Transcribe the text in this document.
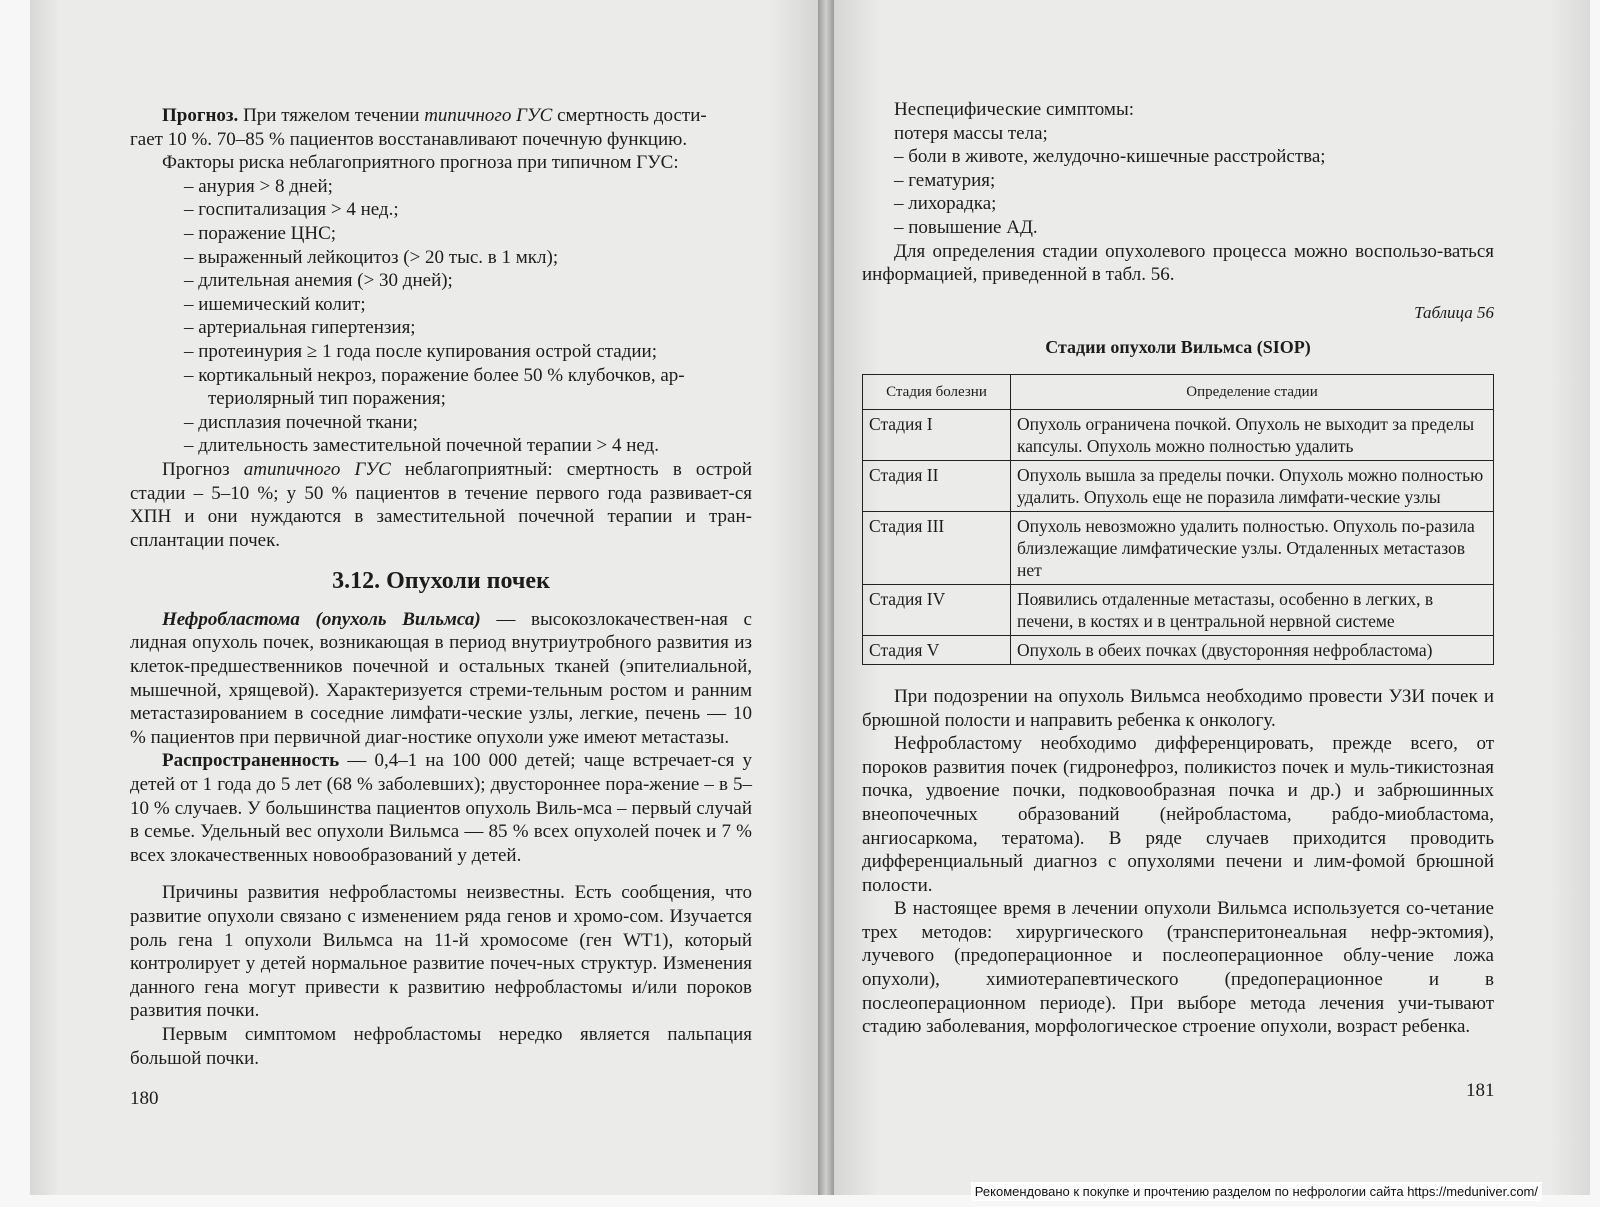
Прогноз. При тяжелом течении типичного ГУС смертность дости-
гает 10 %. 70–85 % пациентов восстанавливают почечную функцию.

Факторы риска неблагоприятного прогноза при типичном ГУС:

– анурия > 8 дней;

– госпитализация > 4 нед.;

– поражение ЦНС;

– выраженный лейкоцитоз (> 20 тыс. в 1 мкл);

– длительная анемия (> 30 дней);

– ишемический колит;

– артериальная гипертензия;

– протеинурия ≥ 1 года после купирования острой стадии;

– кортикальный некроз, поражение более 50 % клубочков, ар-

териолярный тип поражения;

– дисплазия почечной ткани;

– длительность заместительной почечной терапии > 4 нед.

Прогноз атипичного ГУС неблагоприятный: смертность в острой стадии – 5–10 %; у 50 % пациентов в течение первого года развивает-ся ХПН и они нуждаются в заместительной почечной терапии и тран-сплантации почек.

3.12. Опухоли почек

Нефробластома (опухоль Вильмса) — высокозлокачествен-ная с лидная опухоль почек, возникающая в период внутриутробного развития из клеток-предшественников почечной и остальных тканей (эпителиальной, мышечной, хрящевой). Характеризуется стреми-тельным ростом и ранним метастазированием в соседние лимфати-ческие узлы, легкие, печень — 10 % пациентов при первичной диаг-ностике опухоли уже имеют метастазы.

Распространенность — 0,4–1 на 100 000 детей; чаще встречает-ся у детей от 1 года до 5 лет (68 % заболевших); двустороннее пора-жение – в 5–10 % случаев. У большинства пациентов опухоль Виль-мса – первый случай в семье. Удельный вес опухоли Вильмса — 85 % всех опухолей почек и 7 % всех злокачественных новообразований у детей.

Причины развития нефробластомы неизвестны. Есть сообщения, что развитие опухоли связано с изменением ряда генов и хромо-сом. Изучается роль гена 1 опухоли Вильмса на 11-й хромосоме (ген WT1), который контролирует у детей нормальное развитие почеч-ных структур. Изменения данного гена могут привести к развитию нефробластомы и/или пороков развития почки.

Первым симптомом нефробластомы нередко является пальпация большой почки.

180

Неспецифические симптомы:

потеря массы тела;

– боли в животе, желудочно-кишечные расстройства;

– гематурия;

– лихорадка;

– повышение АД.

Для определения стадии опухолевого процесса можно воспользо-ваться информацией, приведенной в табл. 56.

Таблица 56
Стадии опухоли Вильмса (SIOP)
Стадия болезни	Определение стадии
Стадия I	Опухоль ограничена почкой. Опухоль не выходит за пределы капсулы. Опухоль можно полностью удалить
Стадия II	Опухоль вышла за пределы почки. Опухоль можно полностью удалить. Опухоль еще не поразила лимфати-ческие узлы
Стадия III	Опухоль невозможно удалить полностью. Опухоль по-разила близлежащие лимфатические узлы. Отдаленных метастазов нет
Стадия IV	Появились отдаленные метастазы, особенно в легких, в печени, в костях и в центральной нервной системе
Стадия V	Опухоль в обеих почках (двусторонняя нефробластома)

При подозрении на опухоль Вильмса необходимо провести УЗИ почек и брюшной полости и направить ребенка к онкологу.

Нефробластому необходимо дифференцировать, прежде всего, от пороков развития почек (гидронефроз, поликистоз почек и муль-тикистозная почка, удвоение почки, подковообразная почка и др.) и забрюшинных внеопочечных образований (нейробластома, рабдо-миобластома, ангиосаркома, тератома). В ряде случаев приходится проводить дифференциальный диагноз с опухолями печени и лим-фомой брюшной полости.

В настоящее время в лечении опухоли Вильмса используется со-четание трех методов: хирургического (трансперитонеальная нефр-эктомия), лучевого (предоперационное и послеоперационное облу-чение ложа опухоли), химиотерапевтического (предоперационное и в послеоперационном периоде). При выборе метода лечения учи-тывают стадию заболевания, морфологическое строение опухоли, возраст ребенка.

181
Рекомендовано к покупке и прочтению разделом по нефрологии сайта https://meduniver.com/
